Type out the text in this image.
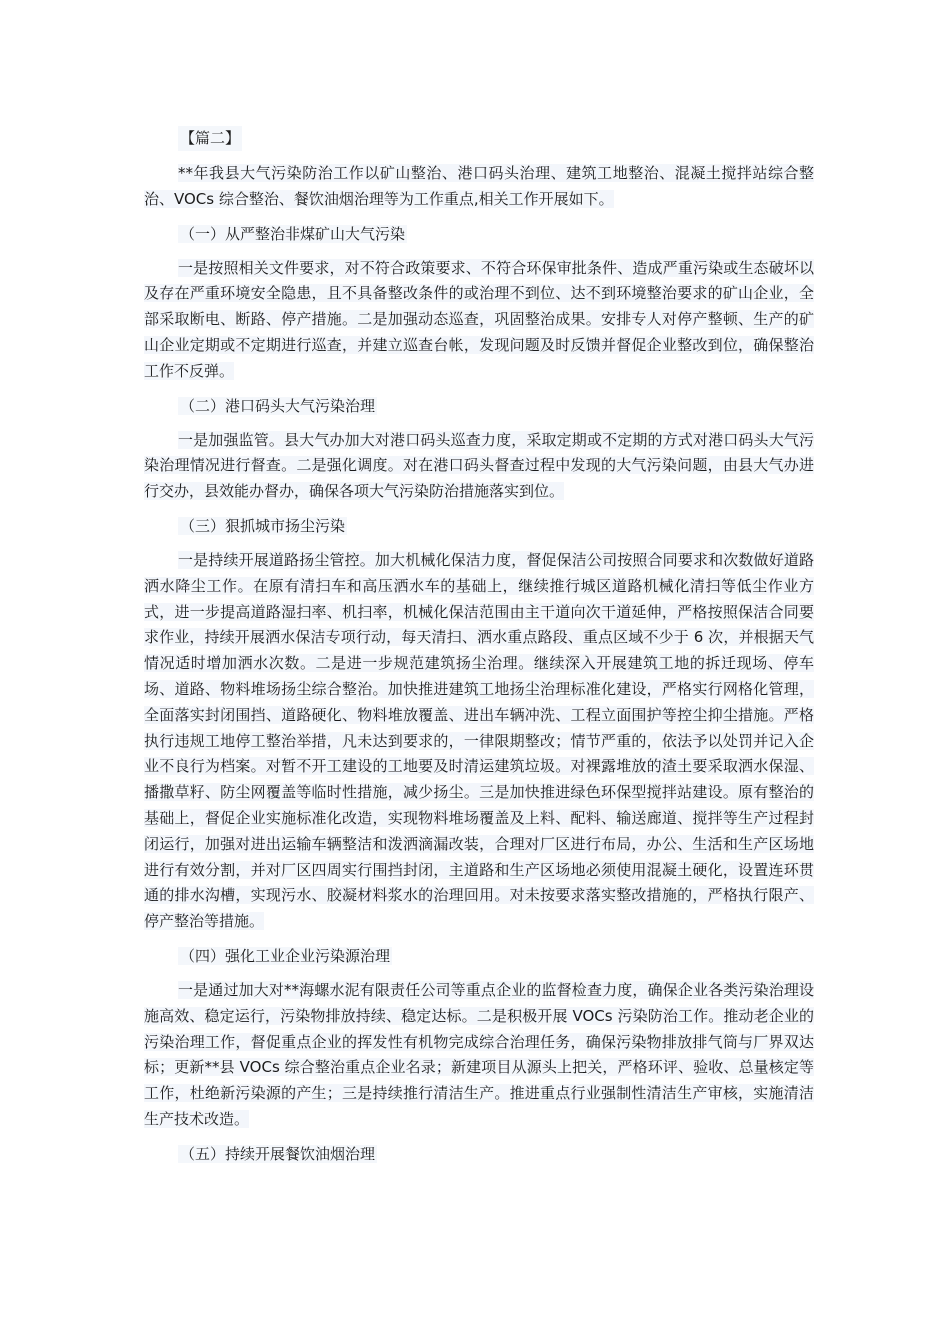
【篇二】

**年我县大气污染防治工作以矿山整治、港口码头治理、建筑工地整治、混凝土搅拌站综合整治、VOCs 综合整治、餐饮油烟治理等为工作重点,相关工作开展如下。

（一）从严整治非煤矿山大气污染

一是按照相关文件要求，对不符合政策要求、不符合环保审批条件、造成严重污染或生态破坏以及存在严重环境安全隐患，且不具备整改条件的或治理不到位、达不到环境整治要求的矿山企业，全部采取断电、断路、停产措施。二是加强动态巡查，巩固整治成果。安排专人对停产整顿、生产的矿山企业定期或不定期进行巡查，并建立巡查台帐，发现问题及时反馈并督促企业整改到位，确保整治工作不反弹。

（二）港口码头大气污染治理

一是加强监管。县大气办加大对港口码头巡查力度，采取定期或不定期的方式对港口码头大气污染治理情况进行督查。二是强化调度。对在港口码头督查过程中发现的大气污染问题，由县大气办进行交办，县效能办督办，确保各项大气污染防治措施落实到位。

（三）狠抓城市扬尘污染

一是持续开展道路扬尘管控。加大机械化保洁力度，督促保洁公司按照合同要求和次数做好道路洒水降尘工作。在原有清扫车和高压洒水车的基础上，继续推行城区道路机械化清扫等低尘作业方式，进一步提高道路湿扫率、机扫率，机械化保洁范围由主干道向次干道延伸，严格按照保洁合同要求作业，持续开展洒水保洁专项行动，每天清扫、洒水重点路段、重点区域不少于 6 次，并根据天气情况适时增加洒水次数。二是进一步规范建筑扬尘治理。继续深入开展建筑工地的拆迁现场、停车场、道路、物料堆场扬尘综合整治。加快推进建筑工地扬尘治理标准化建设，严格实行网格化管理，全面落实封闭围挡、道路硬化、物料堆放覆盖、进出车辆冲洗、工程立面围护等控尘抑尘措施。严格执行违规工地停工整治举措，凡未达到要求的，一律限期整改；情节严重的，依法予以处罚并记入企业不良行为档案。对暂不开工建设的工地要及时清运建筑垃圾。对裸露堆放的渣土要采取洒水保湿、播撒草籽、防尘网覆盖等临时性措施，减少扬尘。三是加快推进绿色环保型搅拌站建设。原有整治的基础上，督促企业实施标准化改造，实现物料堆场覆盖及上料、配料、输送廊道、搅拌等生产过程封闭运行，加强对进出运输车辆整洁和泼洒滴漏改装，合理对厂区进行布局，办公、生活和生产区场地进行有效分割，并对厂区四周实行围挡封闭，主道路和生产区场地必须使用混凝土硬化，设置连环贯通的排水沟槽，实现污水、胶凝材料浆水的治理回用。对未按要求落实整改措施的，严格执行限产、停产整治等措施。

（四）强化工业企业污染源治理

一是通过加大对**海螺水泥有限责任公司等重点企业的监督检查力度，确保企业各类污染治理设施高效、稳定运行，污染物排放持续、稳定达标。二是积极开展 VOCs 污染防治工作。推动老企业的污染治理工作，督促重点企业的挥发性有机物完成综合治理任务，确保污染物排放排气筒与厂界双达标；更新**县 VOCs 综合整治重点企业名录；新建项目从源头上把关，严格环评、验收、总量核定等工作，杜绝新污染源的产生；三是持续推行清洁生产。推进重点行业强制性清洁生产审核，实施清洁生产技术改造。

（五）持续开展餐饮油烟治理
